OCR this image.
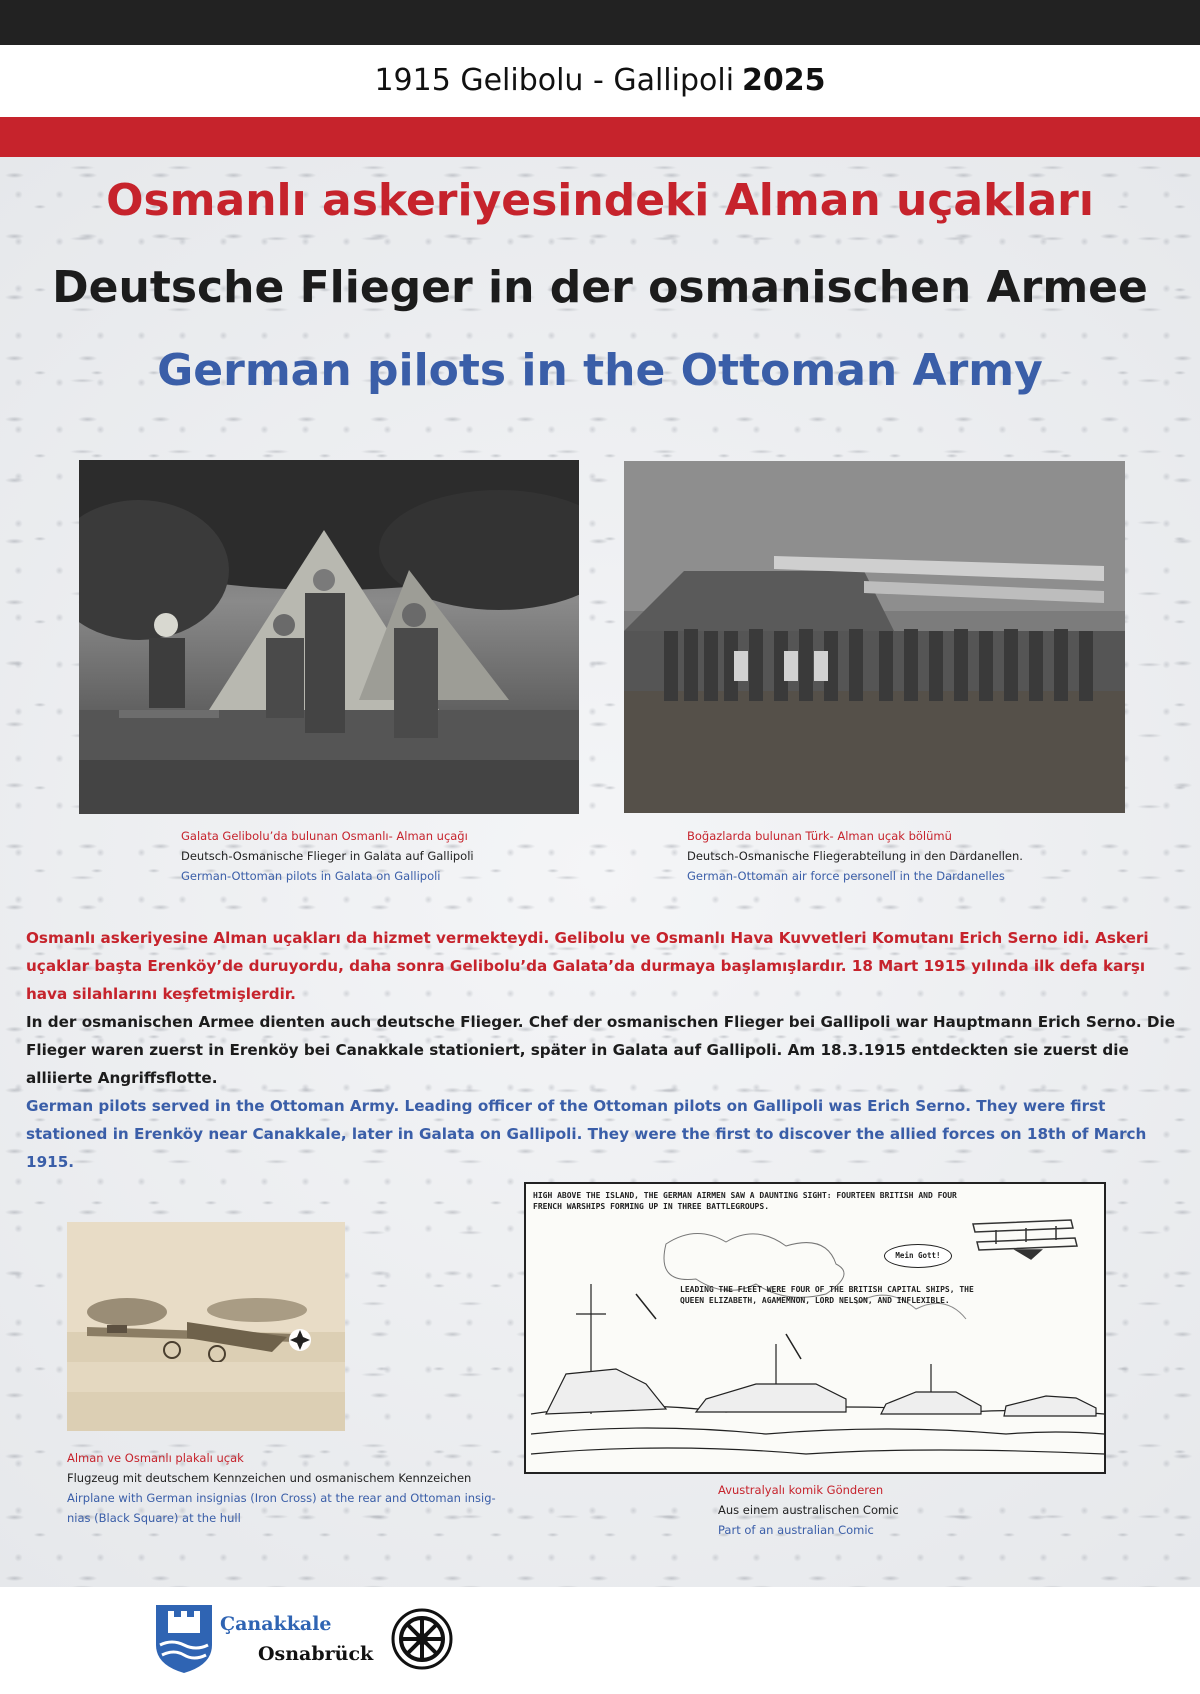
1915 Gelibolu - Gallipoli 2025
Osmanlı askeriyesindeki Alman uçakları
Deutsche Flieger in der osmanischen Armee
German pilots in the Ottoman Army
Galata Gelibolu’da bulunan Osmanlı- Alman uçağı
Deutsch-Osmanische Flieger in Galata auf Gallipoli
German-Ottoman pilots in Galata on Gallipoli
Boğazlarda bulunan Türk- Alman uçak bölümü
Deutsch-Osmanische Fliegerabteilung in den Dardanellen.
German-Ottoman air force personell in the Dardanelles
Osmanlı askeriyesine Alman uçakları da hizmet vermekteydi. Gelibolu ve Osmanlı Hava Kuvvetleri Komutanı Erich Serno idi. Askeri uçaklar başta Erenköy’de duruyordu, daha sonra Gelibolu’da Galata’da durmaya başlamışlardır. 18 Mart 1915 yılında ilk defa karşı hava silahlarını keşfetmişlerdir.
In der osmanischen Armee dienten auch deutsche Flieger. Chef der osmanischen Flieger bei Gallipoli war Hauptmann Erich Serno. Die Flieger waren zuerst in Erenköy bei Canakkale stationiert, später in Galata auf Gallipoli. Am 18.3.1915 entdeckten sie zuerst die alliierte Angriffsflotte.
German pilots served in the Ottoman Army. Leading officer of the Ottoman pilots on Gallipoli was Erich Serno. They were first stationed in Erenköy near Canakkale, later in Galata on Gallipoli. They were the first to discover the allied forces on 18th of March 1915.
Alman ve Osmanlı plakalı uçak
Flugzeug mit deutschem Kennzeichen und osmanischem Kennzeichen
Airplane with German insignias (Iron Cross) at the rear and Ottoman insig-nias (Black Square) at the hull
HIGH ABOVE THE ISLAND, THE GERMAN AIRMEN SAW A DAUNTING SIGHT: FOURTEEN BRITISH AND FOUR FRENCH WARSHIPS FORMING UP IN THREE BATTLEGROUPS.
Mein Gott!
LEADING THE FLEET WERE FOUR OF THE BRITISH CAPITAL SHIPS, THE QUEEN ELIZABETH, AGAMEMNON, LORD NELSON, AND INFLEXIBLE.
Avustralyalı komik Gönderen
Aus einem australischen Comic
Part of an australian Comic
Çanakkale
Osnabrück
